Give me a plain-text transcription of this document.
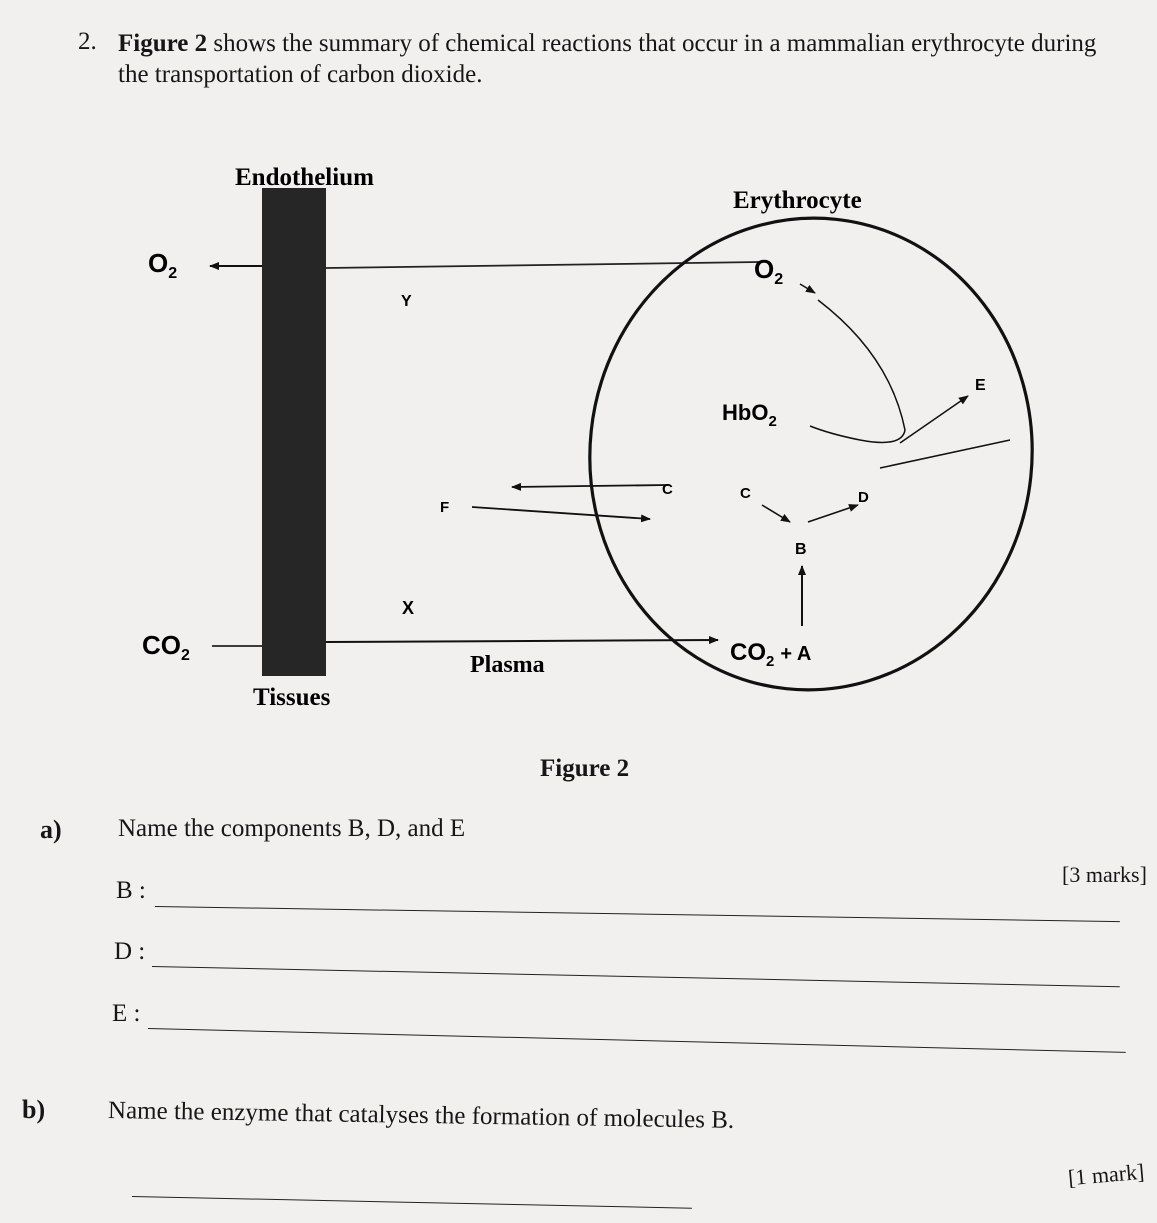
2. Figure 2 shows the summary of chemical reactions that occur in a mammalian erythrocyte during the transportation of carbon dioxide.
Endothelium
Tissues
$O_2$
$CO_2$
Y
X
F
Plasma
C
Erythrocyte
$O_2$
HbO$_2$
E
C	D
B
$CO_2$ $^{+ A}$
Figure 2
a) Name the components B, D, and E
[3 marks]
B :
D :
E :
b)	Name the enzyme that catalyses the formation of molecules B.
[1 mark]
